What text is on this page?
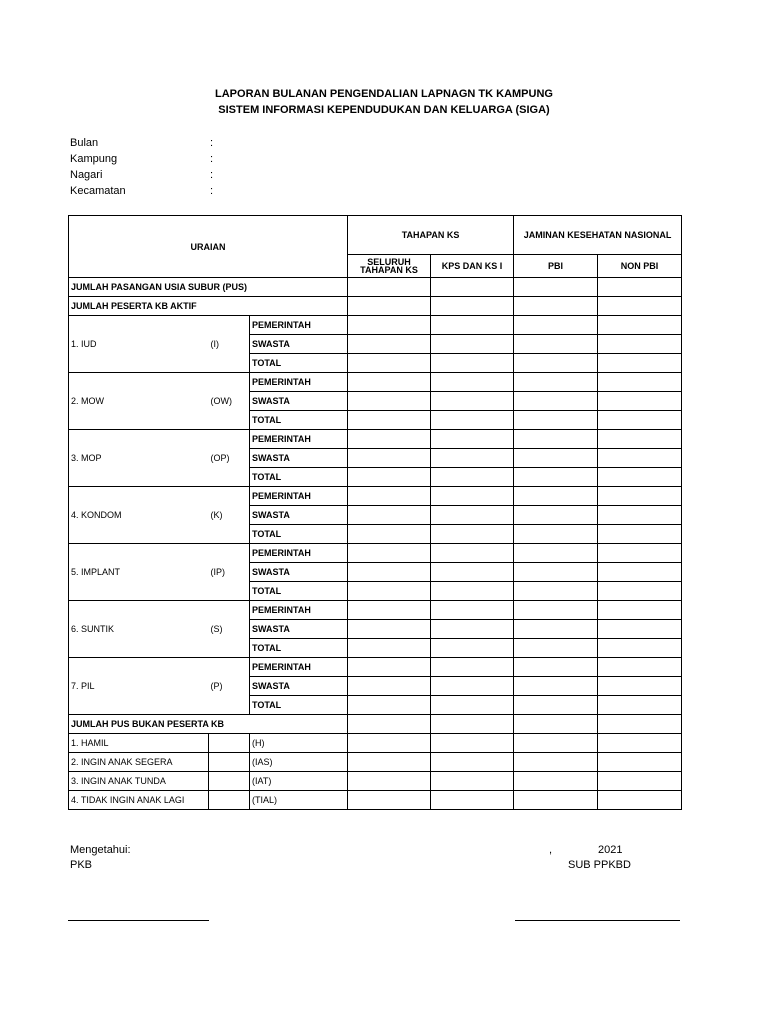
LAPORAN BULANAN PENGENDALIAN LAPNAGN TK KAMPUNG
SISTEM INFORMASI KEPENDUDUKAN DAN KELUARGA (SIGA)
Bulan	:
Kampung	:
Nagari	:
Kecamatan	:
URAIAN			TAHAPAN KS		JAMINAN KESEHATAN NASIONAL	
			SELURUH TAHAPAN KS	KPS DAN KS I	PBI	NON PBI
JUMLAH PASANGAN USIA SUBUR (PUS)						
JUMLAH PESERTA KB AKTIF						
1. IUD	(I)	PEMERINTAH				
		SWASTA				
		TOTAL				
2. MOW	(OW)	PEMERINTAH				
		SWASTA				
		TOTAL				
3. MOP	(OP)	PEMERINTAH				
		SWASTA				
		TOTAL				
4. KONDOM	(K)	PEMERINTAH				
		SWASTA				
		TOTAL				
5. IMPLANT	(IP)	PEMERINTAH				
		SWASTA				
		TOTAL				
6. SUNTIK	(S)	PEMERINTAH				
		SWASTA				
		TOTAL				
7. PIL	(P)	PEMERINTAH				
		SWASTA				
		TOTAL				
JUMLAH PUS BUKAN PESERTA KB						
1. HAMIL		(H)				
2. INGIN ANAK SEGERA		(IAS)				
3. INGIN ANAK TUNDA		(IAT)				
4. TIDAK INGIN ANAK LAGI		(TIAL)				
Mengetahui:
PKB
,	2021
SUB PPKBD
